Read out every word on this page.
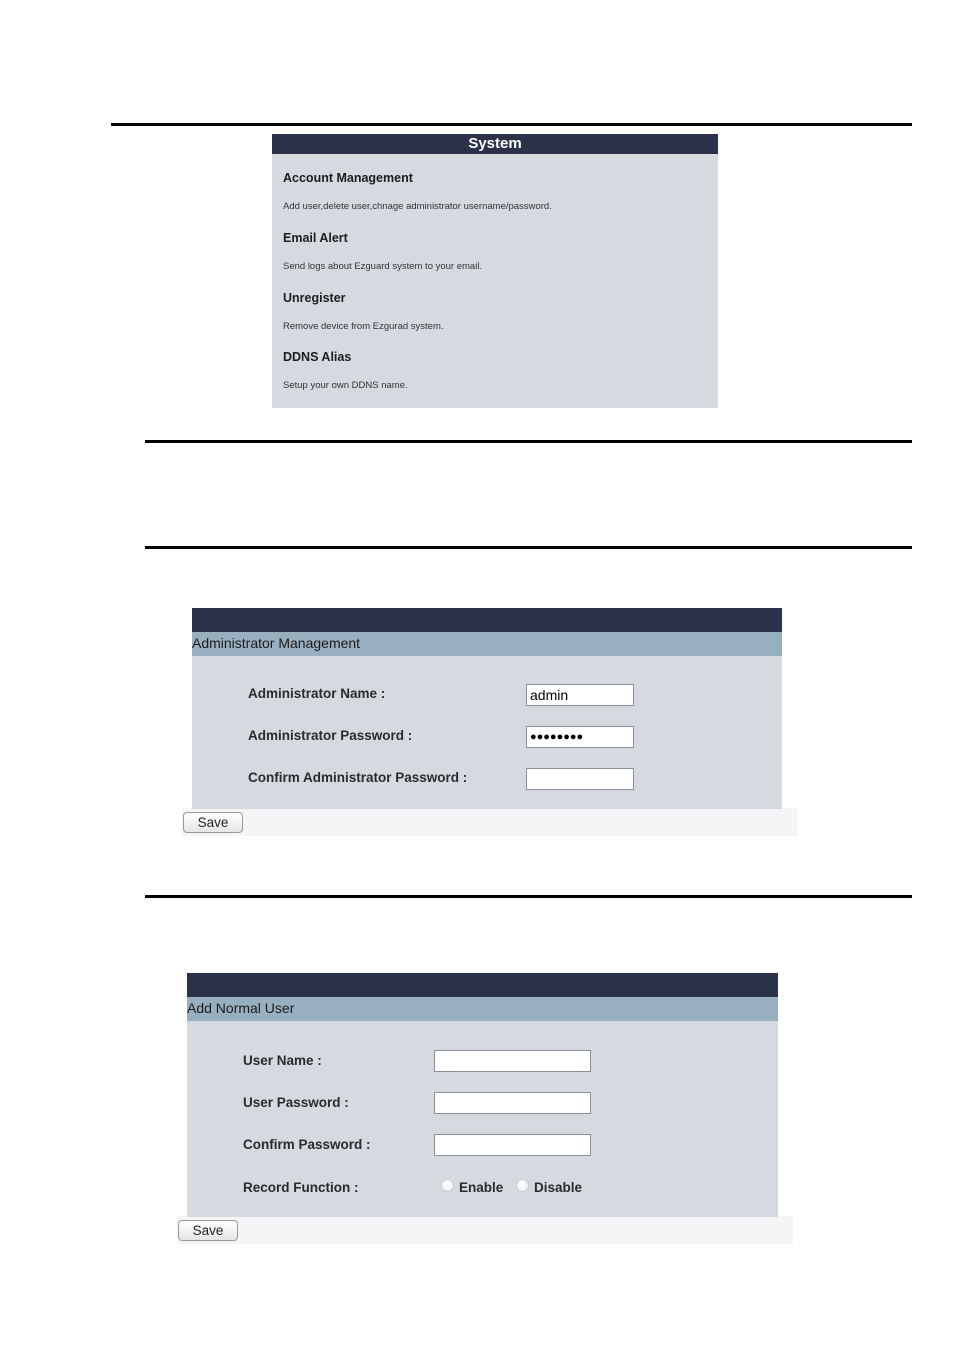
System
Account Management
Add user,delete user,chnage administrator username/password.
Email Alert
Send logs about Ezguard system to your email.
Unregister
Remove device from Ezgurad system.
DDNS Alias
Setup your own DDNS name.
Administrator Management
Administrator Name :	admin
Administrator Password :	●●●●●●●●
Confirm Administrator Password :
Save
Add Normal User
User Name :
User Password :
Confirm Password :
Record Function :	Enable Disable
Save
